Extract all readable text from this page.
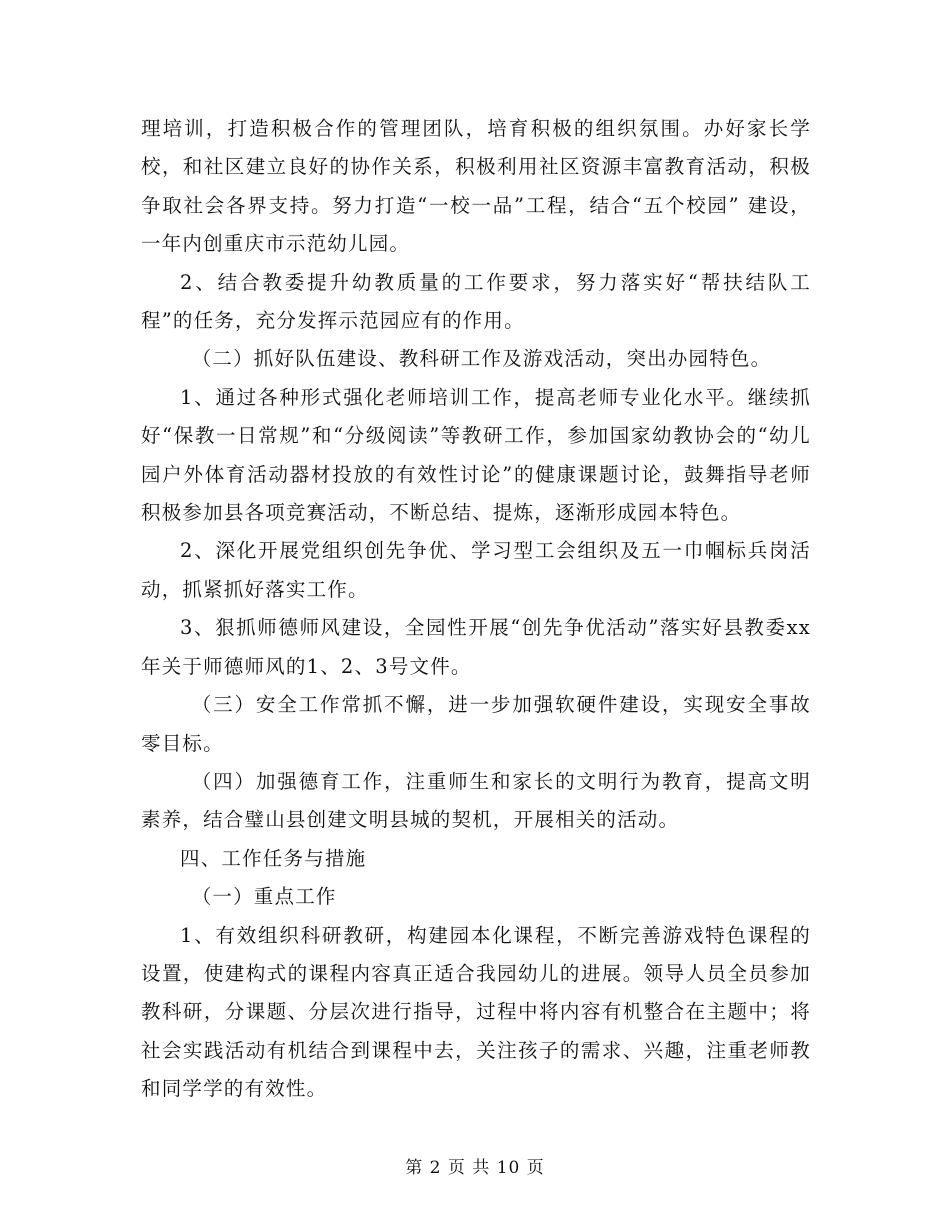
理培训，打造积极合作的管理团队，培育积极的组织氛围。办好家长学校，和社区建立良好的协作关系，积极利用社区资源丰富教育活动，积极争取社会各界支持。努力打造“一校一品”工程，结合“五个校园” 建设，一年内创重庆市示范幼儿园。

2、结合教委提升幼教质量的工作要求，努力落实好“帮扶结队工程”的任务，充分发挥示范园应有的作用。

（二）抓好队伍建设、教科研工作及游戏活动，突出办园特色。

1、通过各种形式强化老师培训工作，提高老师专业化水平。继续抓好“保教一日常规”和“分级阅读”等教研工作，参加国家幼教协会的“幼儿园户外体育活动器材投放的有效性讨论”的健康课题讨论，鼓舞指导老师积极参加县各项竞赛活动，不断总结、提炼，逐渐形成园本特色。

2、深化开展党组织创先争优、学习型工会组织及五一巾帼标兵岗活动，抓紧抓好落实工作。

3、狠抓师德师风建设，全园性开展“创先争优活动”落实好县教委xx年关于师德师风的1、2、3号文件。

（三）安全工作常抓不懈，进一步加强软硬件建设，实现安全事故零目标。

（四）加强德育工作，注重师生和家长的文明行为教育，提高文明素养，结合璧山县创建文明县城的契机，开展相关的活动。

四、工作任务与措施

（一）重点工作

1、有效组织科研教研，构建园本化课程，不断完善游戏特色课程的设置，使建构式的课程内容真正适合我园幼儿的进展。领导人员全员参加教科研，分课题、分层次进行指导，过程中将内容有机整合在主题中；将社会实践活动有机结合到课程中去，关注孩子的需求、兴趣，注重老师教和同学学的有效性。

第 2 页 共 10 页
